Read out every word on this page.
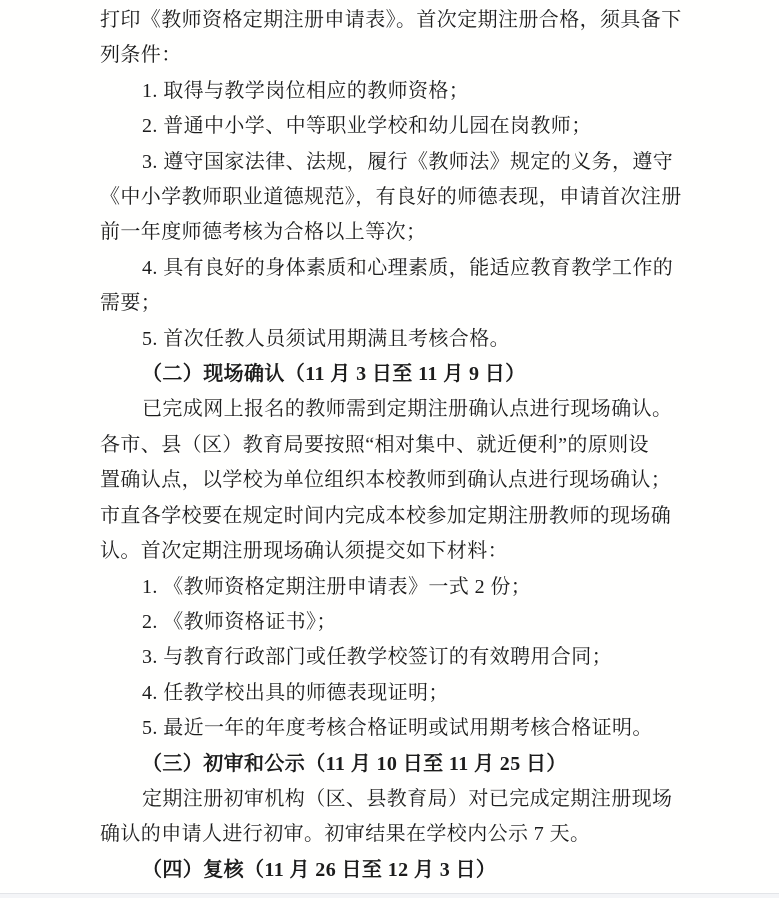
打印《教师资格定期注册申请表》。首次定期注册合格，须具备下
列条件：
1. 取得与教学岗位相应的教师资格；
2. 普通中小学、中等职业学校和幼儿园在岗教师；
3. 遵守国家法律、法规，履行《教师法》规定的义务，遵守
《中小学教师职业道德规范》，有良好的师德表现，申请首次注册
前一年度师德考核为合格以上等次；
4. 具有良好的身体素质和心理素质，能适应教育教学工作的
需要；
5. 首次任教人员须试用期满且考核合格。
（二）现场确认（11 月 3 日至 11 月 9 日）
已完成网上报名的教师需到定期注册确认点进行现场确认。
各市、县（区）教育局要按照“相对集中、就近便利”的原则设
置确认点，以学校为单位组织本校教师到确认点进行现场确认；
市直各学校要在规定时间内完成本校参加定期注册教师的现场确
认。首次定期注册现场确认须提交如下材料：
1. 《教师资格定期注册申请表》一式 2 份；
2. 《教师资格证书》；
3. 与教育行政部门或任教学校签订的有效聘用合同；
4. 任教学校出具的师德表现证明；
5. 最近一年的年度考核合格证明或试用期考核合格证明。
（三）初审和公示（11 月 10 日至 11 月 25 日）
定期注册初审机构（区、县教育局）对已完成定期注册现场
确认的申请人进行初审。初审结果在学校内公示 7 天。
（四）复核（11 月 26 日至 12 月 3 日）
